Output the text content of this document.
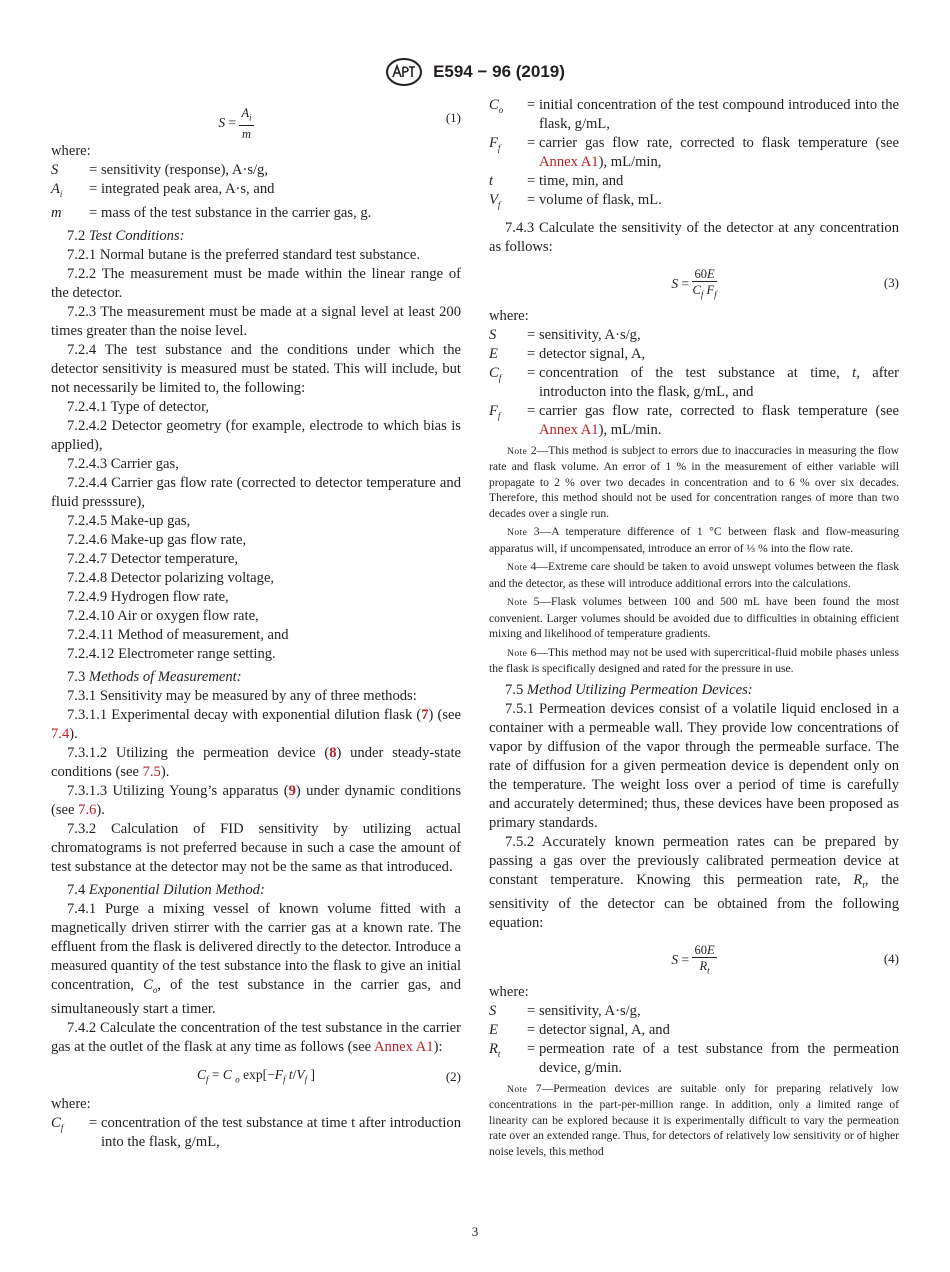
E594 − 96 (2019)
$S = \frac{A_i}{m}$	(1)

where:

S	= sensitivity (response), A·s/g,
$A_i$	= integrated peak area, A·s, and
m	= mass of the test substance in the carrier gas, g.

7.2 Test Conditions:

7.2.1 Normal butane is the preferred standard test substance.

7.2.2 The measurement must be made within the linear range of the detector.

7.2.3 The measurement must be made at a signal level at least 200 times greater than the noise level.

7.2.4 The test substance and the conditions under which the detector sensitivity is measured must be stated. This will include, but not necessarily be limited to, the following:

7.2.4.1 Type of detector,

7.2.4.2 Detector geometry (for example, electrode to which bias is applied),

7.2.4.3 Carrier gas,

7.2.4.4 Carrier gas flow rate (corrected to detector temperature and fluid presssure),

7.2.4.5 Make-up gas,

7.2.4.6 Make-up gas flow rate,

7.2.4.7 Detector temperature,

7.2.4.8 Detector polarizing voltage,

7.2.4.9 Hydrogen flow rate,

7.2.4.10 Air or oxygen flow rate,

7.2.4.11 Method of measurement, and

7.2.4.12 Electrometer range setting.

7.3 Methods of Measurement:

7.3.1 Sensitivity may be measured by any of three methods:

7.3.1.1 Experimental decay with exponential dilution flask (7) (see 7.4).

7.3.1.2 Utilizing the permeation device (8) under steady-state conditions (see 7.5).

7.3.1.3 Utilizing Young’s apparatus (9) under dynamic conditions (see 7.6).

7.3.2 Calculation of FID sensitivity by utilizing actual chromatograms is not preferred because in such a case the amount of test substance at the detector may not be the same as that introduced.

7.4 Exponential Dilution Method:

7.4.1 Purge a mixing vessel of known volume fitted with a magnetically driven stirrer with the carrier gas at a known rate. The effluent from the flask is delivered directly to the detector. Introduce a measured quantity of the test substance into the flask to give an initial concentration, $C_o$, of the test substance in the carrier gas, and simultaneously start a timer.

7.4.2 Calculate the concentration of the test substance in the carrier gas at the outlet of the flask at any time as follows (see Annex A1):

$C_f = C$ $_o$ $\exp[-F_f$ $t/V_f$ ]	(2)

where:

$C_f$	= concentration of the test substance at time t after introduction into the flask, g/mL,
$C_o$	= initial concentration of the test compound introduced into the flask, g/mL,
$F_f$	= carrier gas flow rate, corrected to flask temperature (see Annex A1), mL/min,
t	= time, min, and
$V_f$	= volume of flask, mL.

7.4.3 Calculate the sensitivity of the detector at any concentration as follows:

$S = \frac{60E}{C_f F_f}$	(3)

where:

S	= sensitivity, A·s/g,
E	= detector signal, A,
$C_f$	= concentration of the test substance at time, t, after introducton into the flask, g/mL, and
$F_f$	= carrier gas flow rate, corrected to flask temperature (see Annex A1), mL/min.
Note 2—This method is subject to errors due to inaccuracies in measuring the flow rate and flask volume. An error of 1 % in the measurement of either variable will propagate to 2 % over two decades in concentration and to 6 % over six decades. Therefore, this method should not be used for concentration ranges of more than two decades over a single run.
Note 3—A temperature difference of 1 °C between flask and flow-measuring apparatus will, if uncompensated, introduce an error of ⅓ % into the flow rate.
Note 4—Extreme care should be taken to avoid unswept volumes between the flask and the detector, as these will introduce additional errors into the calculations.
Note 5—Flask volumes between 100 and 500 mL have been found the most convenient. Larger volumes should be avoided due to difficulties in obtaining efficient mixing and likelihood of temperature gradients.
Note 6—This method may not be used with supercritical-fluid mobile phases unless the flask is specifically designed and rated for the pressure in use.

7.5 Method Utilizing Permeation Devices:

7.5.1 Permeation devices consist of a volatile liquid enclosed in a container with a permeable wall. They provide low concentrations of vapor by diffusion of the vapor through the permeable surface. The rate of diffusion for a given permeation device is dependent only on the temperature. The weight loss over a period of time is carefully and accurately determined; thus, these devices have been proposed as primary standards.

7.5.2 Accurately known permeation rates can be prepared by passing a gas over the previously calibrated permeation device at constant temperature. Knowing this permeation rate, $R_t$, the sensitivity of the detector can be obtained from the following equation:

$S = \frac{60E}{R_t}$	(4)

where:

S	= sensitivity, A·s/g,
E	= detector signal, A, and
$R_t$	= permeation rate of a test substance from the permeation device, g/min.
Note 7—Permeation devices are suitable only for preparing relatively low concentrations in the part-per-million range. In addition, only a limited range of linearity can be explored because it is experimentally difficult to vary the permeation rate over an extended range. Thus, for detectors of relatively low sensitivity or of higher noise levels, this method
3
